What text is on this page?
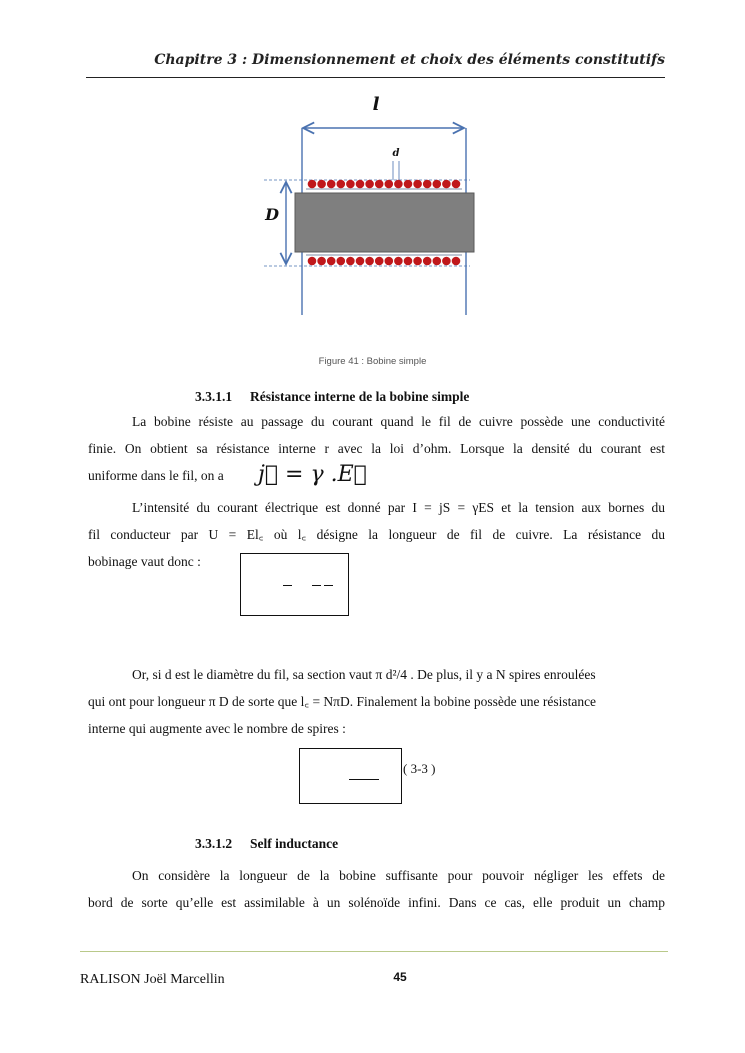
Chapitre 3 : Dimensionnement et choix des éléments constitutifs
l
d
D
Figure 41 : Bobine simple
3.3.1.1 Résistance interne de la bobine simple
La bobine résiste au passage du courant quand le fil de cuivre possède une conductivité
finie. On obtient sa résistance interne r avec la loi d’ohm. Lorsque la densité du courant est
uniforme dans le fil, on a j⃗ = γ .E⃗
L’intensité du courant électrique est donné par I = jS = γES et la tension aux bornes du
fil conducteur par U = El꜀ où l꜀ désigne la longueur de fil de cuivre. La résistance du
bobinage vaut donc :
Or, si d est le diamètre du fil, sa section vaut π d²/4 . De plus, il y a N spires enroulées
qui ont pour longueur π D de sorte que l꜀ = NπD. Finalement la bobine possède une résistance
interne qui augmente avec le nombre de spires :
( 3-3 )
3.3.1.2 Self inductance
On considère la longueur de la bobine suffisante pour pouvoir négliger les effets de
bord de sorte qu’elle est assimilable à un solénoïde infini. Dans ce cas, elle produit un champ
RALISON Joël Marcellin	45
